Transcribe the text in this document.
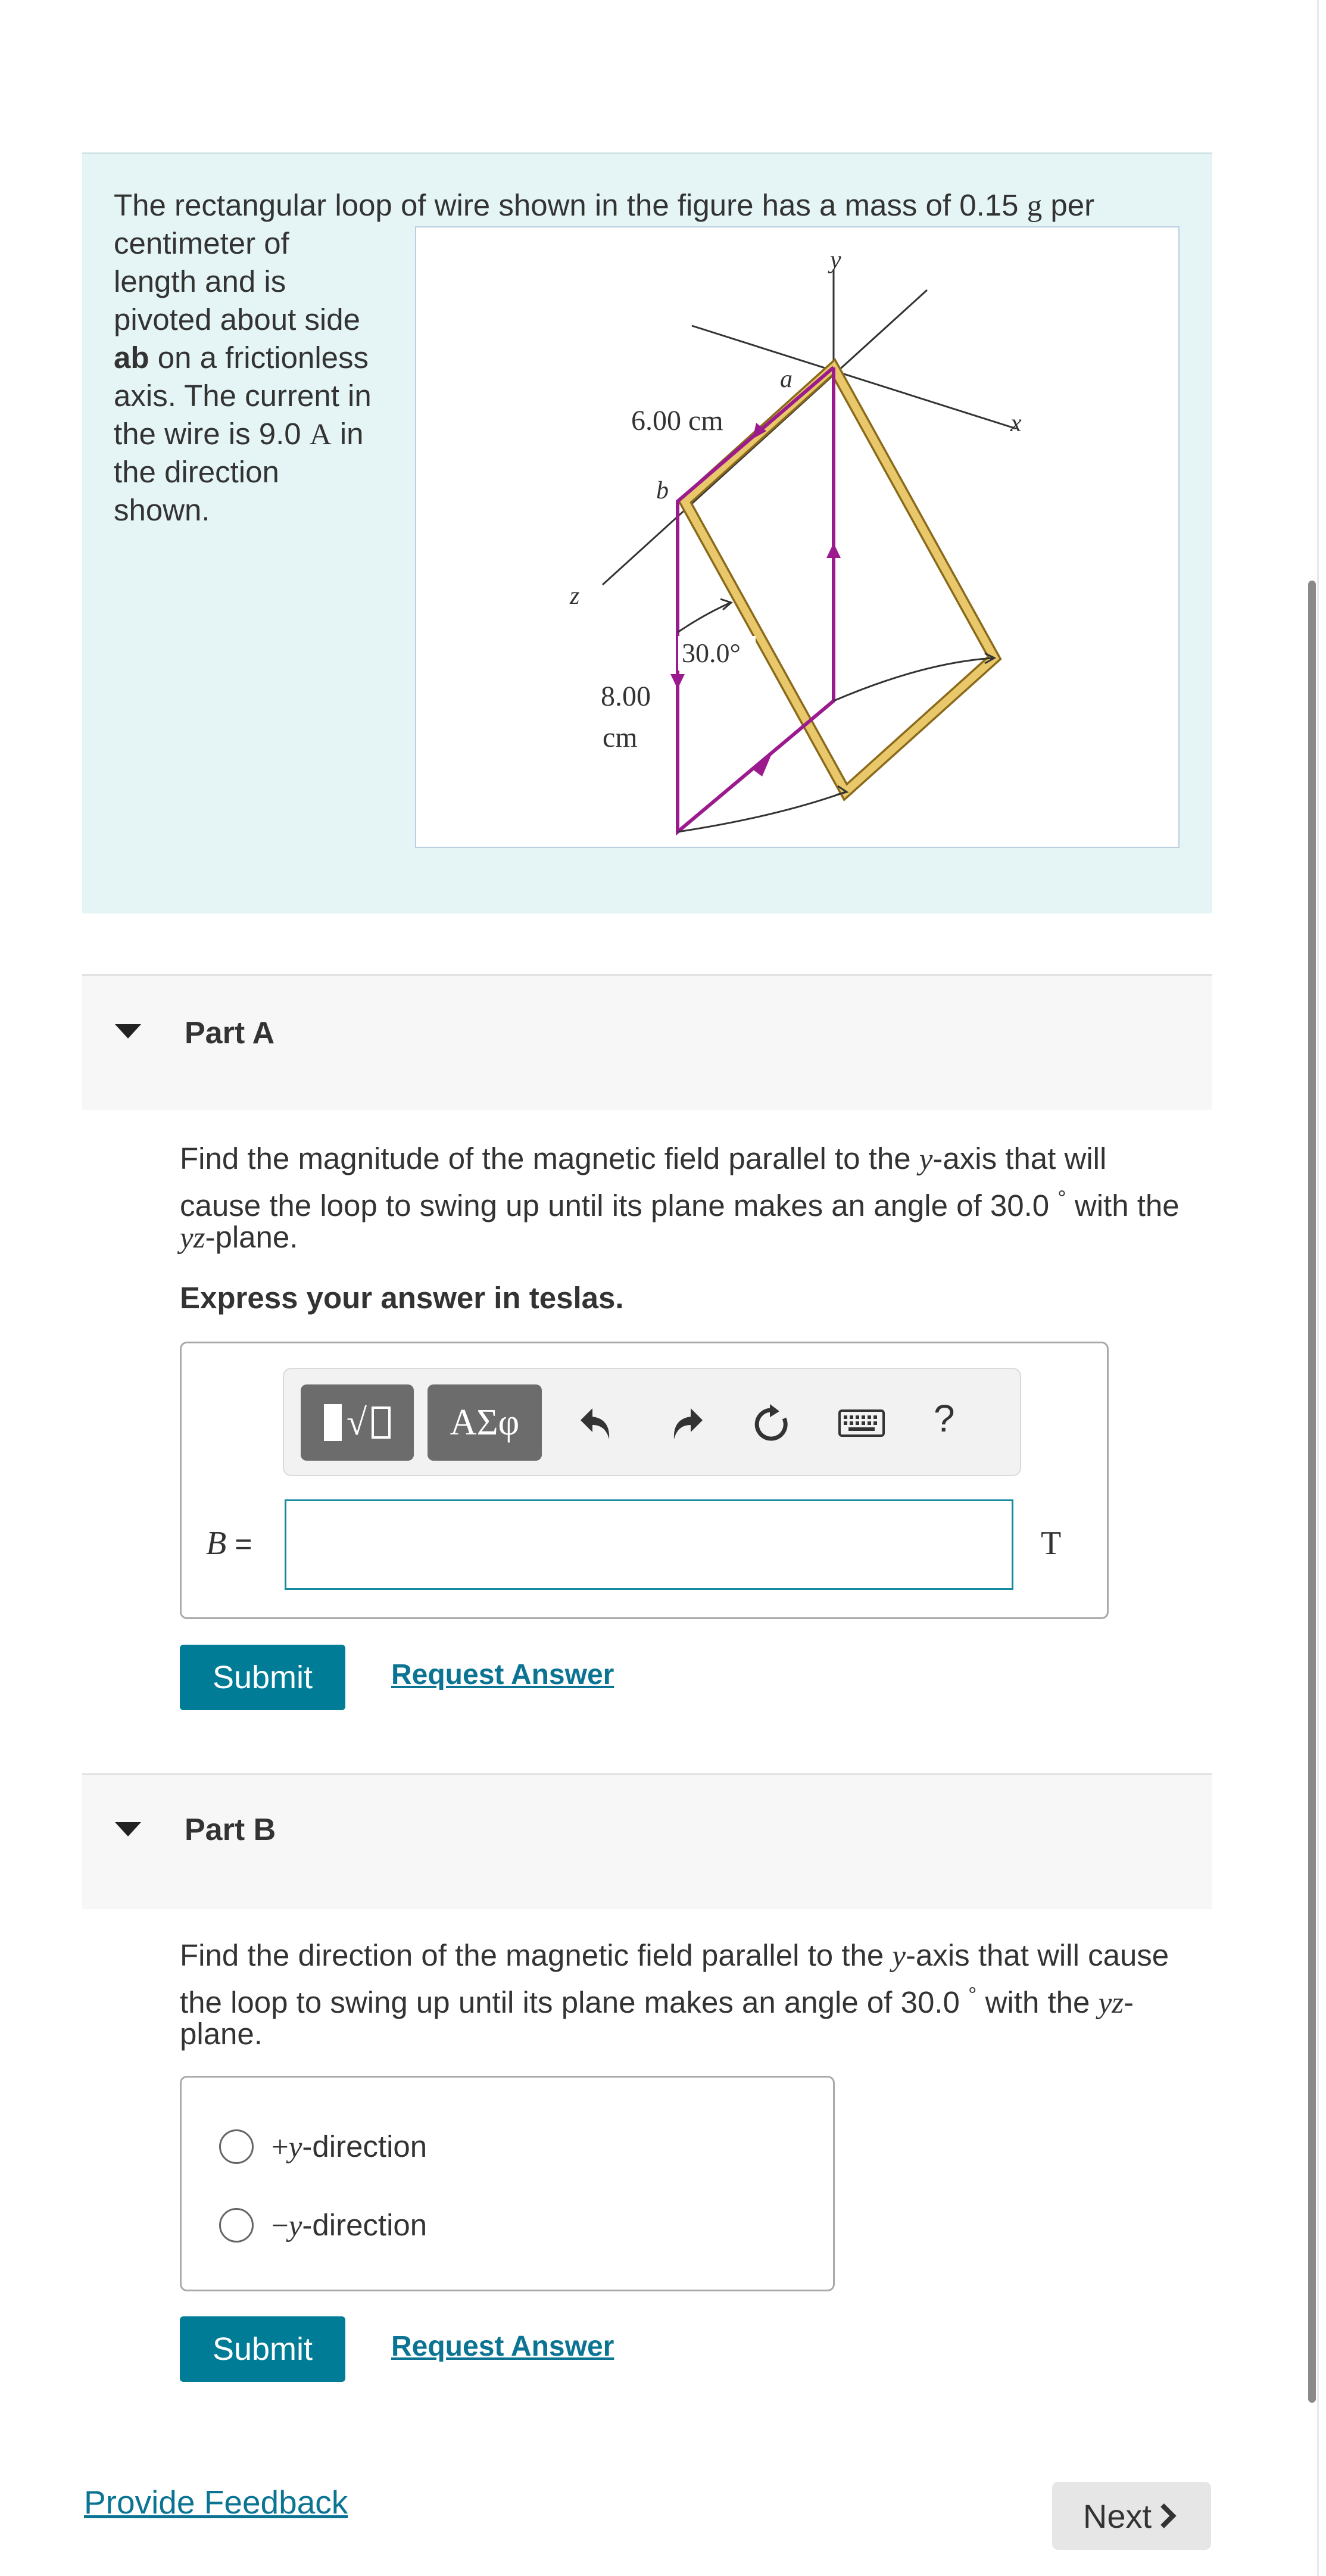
The rectangular loop of wire shown in the figure has a mass of 0.15 g per
centimeter of
length and is
pivoted about side
ab on a frictionless
axis. The current in
the wire is 9.0 A in
the direction
shown.
y
x
z
a
b
6.00 cm
8.00
cm
30.0°
Part A
Find the magnitude of the magnetic field parallel to the y-axis that will
cause the loop to swing up until its plane makes an angle of 30.0 ° with the
yz-plane.
Express your answer in teslas.
√	ΑΣφ	?
B =	T
Submit	Request Answer
Part B
Find the direction of the magnetic field parallel to the y-axis that will cause
the loop to swing up until its plane makes an angle of 30.0 ° with the yz-
plane.
+y-direction
−y-direction
Submit	Request Answer
Provide Feedback	Next
